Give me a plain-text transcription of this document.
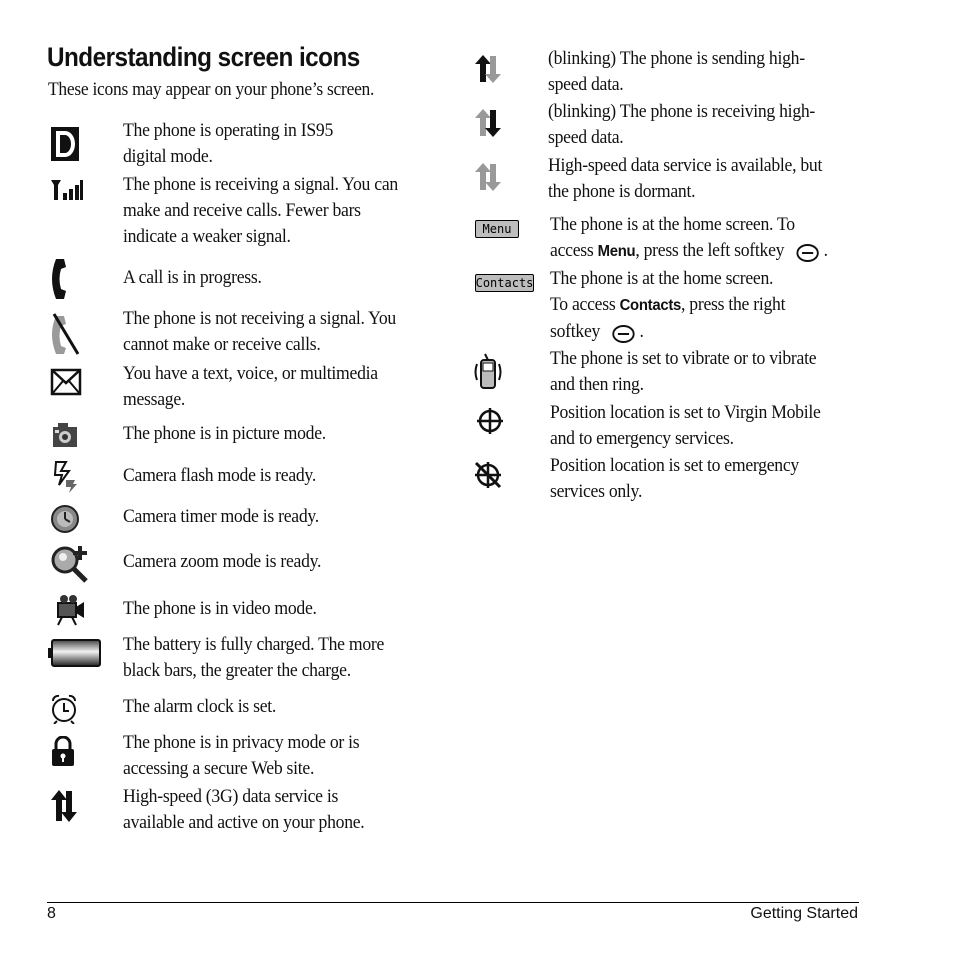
Understanding screen icons
These icons may appear on your phone’s screen.
The phone is operating in IS95
digital mode.
The phone is receiving a signal. You can
make and receive calls. Fewer bars
indicate a weaker signal.
A call is in progress.
The phone is not receiving a signal. You
cannot make or receive calls.
You have a text, voice, or multimedia
message.
The phone is in picture mode.
Camera flash mode is ready.
Camera timer mode is ready.
Camera zoom mode is ready.
The phone is in video mode.
The battery is fully charged. The more
black bars, the greater the charge.
The alarm clock is set.
The phone is in privacy mode or is
accessing a secure Web site.
High-speed (3G) data service is
available and active on your phone.
(blinking) The phone is sending high-
speed data.
(blinking) The phone is receiving high-
speed data.
High-speed data service is available, but
the phone is dormant.
Menu	The phone is at the home screen. To
access Menu, press the left softkey .
Contacts The phone is at the home screen.
To access Contacts, press the right
softkey .
The phone is set to vibrate or to vibrate
and then ring.
Position location is set to Virgin Mobile
and to emergency services.
Position location is set to emergency
services only.
8	Getting Started
